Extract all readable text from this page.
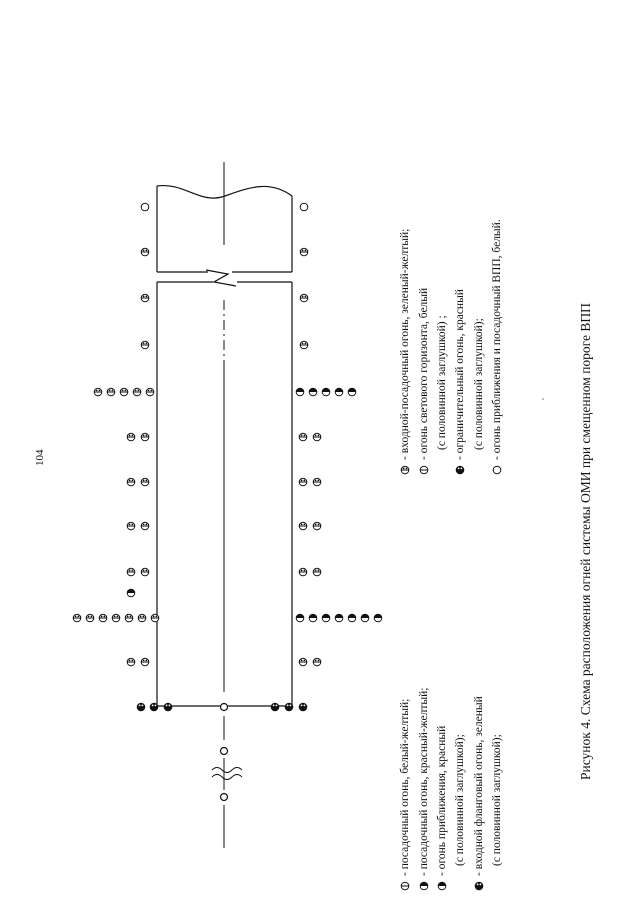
104
- посадочный огонь, белый-желтый; - посадочный огонь, красный-желтый; - огонь приближения, красный (с половинной заглушкой); - входной фланговый огонь, зеленый (с половинной заглушкой);
- входной-посадочный огонь, зеленый-желтый; - огонь светового горизонта, белый (с половинной заглушкой) ; - ограничительный огонь, красный (с половинной заглушкой); - огонь приближения и посадочный ВПП, белый.	Рисунок 4. Схема расположения огней системы ОМИ при смещенном пороге ВПП
